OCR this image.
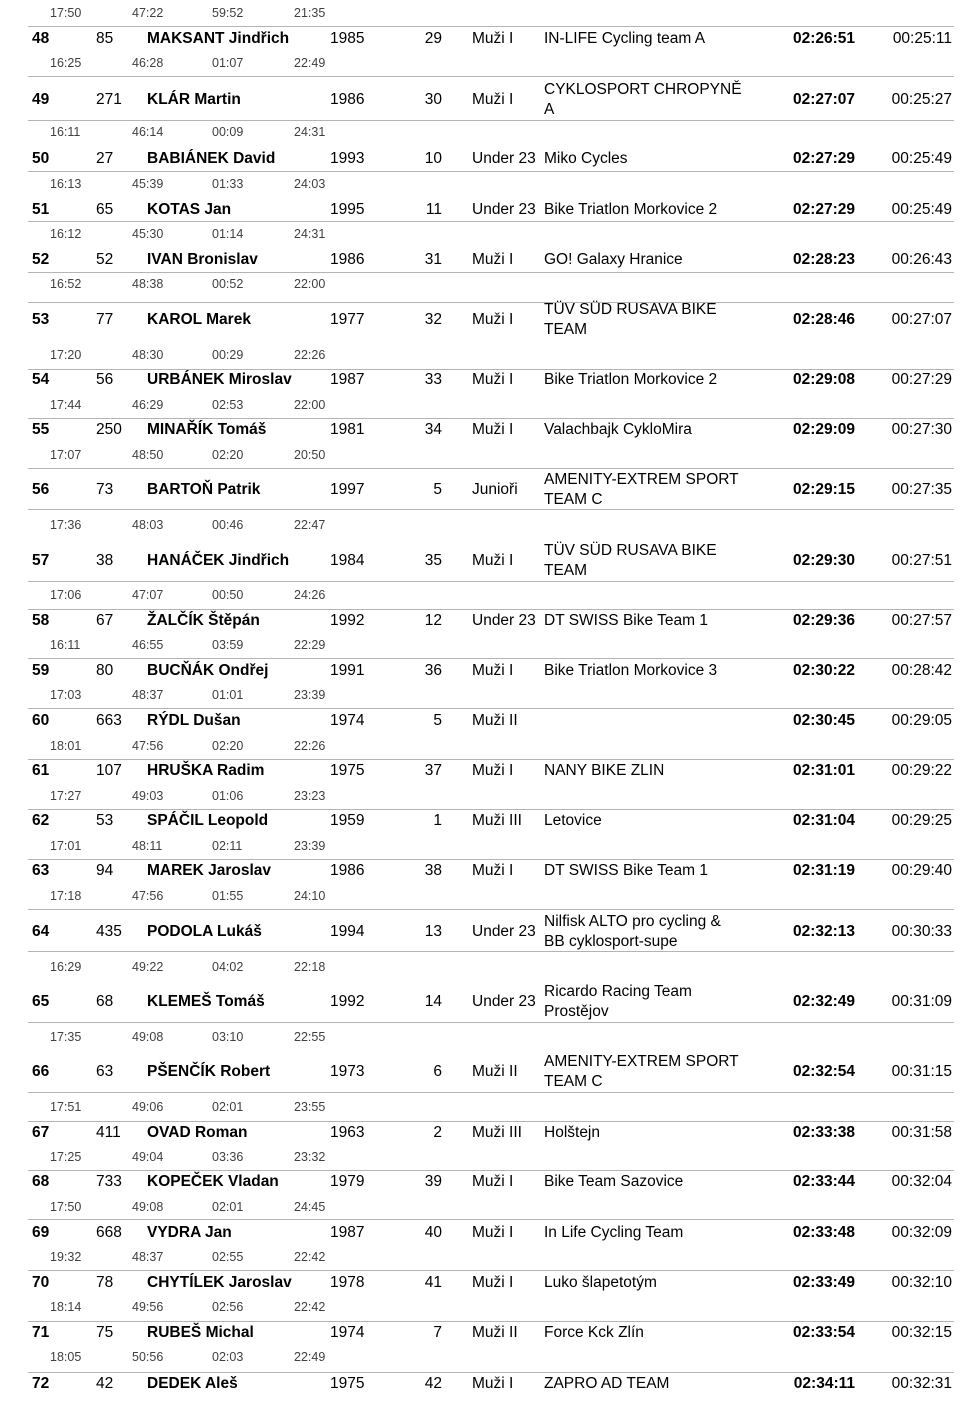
17:50	47:22	59:52	21:35
48	85 MAKSANT Jindřich	1985	29 Muži I	02:26:51	00:25:11
IN-LIFE Cycling team A
16:25	46:28	01:07	22:49
49	271 KLÁR Martin	1986	30 Muži I	02:27:07	00:25:27
CYKLOSPORT CHROPYNĚ A
16:11	46:14	00:09	24:31
50	27 BABIÁNEK David	1993	10 Under 23	02:27:29	00:25:49
Miko Cycles
16:13	45:39	01:33	24:03
51	65 KOTAS Jan	1995	11 Under 23	02:27:29	00:25:49
Bike Triatlon Morkovice 2
16:12	45:30	01:14	24:31
52	52 IVAN Bronislav	1986	31 Muži I	02:28:23	00:26:43
GO! Galaxy Hranice
16:52	48:38	00:52	22:00
53	77 KAROL Marek	1977	32 Muži I	02:28:46	00:27:07
TÜV SÜD RUSAVA BIKE TEAM
17:20	48:30	00:29	22:26
54	56 URBÁNEK Miroslav 1987	33 Muži I	02:29:08	00:27:29
Bike Triatlon Morkovice 2
17:44	46:29	02:53	22:00
55	250 MINAŘÍK Tomáš	1981	34 Muži I	02:29:09	00:27:30
Valachbajk CykloMira
17:07	48:50	02:20	20:50
56	73 BARTOŇ Patrik	1997	5 Junioři	02:29:15	00:27:35
AMENITY-EXTREM SPORT TEAM C
17:36	48:03	00:46	22:47
57	38 HANÁČEK Jindřich	1984	35 Muži I	02:29:30	00:27:51
TÜV SÜD RUSAVA BIKE TEAM
17:06	47:07	00:50	24:26
58	67 ŽALČÍK Štěpán	1992	12 Under 23	02:29:36	00:27:57
DT SWISS Bike Team 1
16:11	46:55	03:59	22:29
59	80 BUCŇÁK Ondřej	1991	36 Muži I	02:30:22	00:28:42
Bike Triatlon Morkovice 3
17:03	48:37	01:01	23:39
60	663 RÝDL Dušan	1974	5 Muži II	02:30:45	00:29:05
18:01	47:56	02:20	22:26
61	107 HRUŠKA Radim	1975	37 Muži I	02:31:01	00:29:22
NANY BIKE ZLIN
17:27	49:03	01:06	23:23
62	53 SPÁČIL Leopold	1959	1 Muži III	02:31:04	00:29:25
Letovice
17:01	48:11	02:11	23:39
63	94 MAREK Jaroslav	1986	38 Muži I	02:31:19	00:29:40
DT SWISS Bike Team 1
17:18	47:56	01:55	24:10
64	435 PODOLA Lukáš	1994	13 Under 23	02:32:13	00:30:33
Nilfisk ALTO pro cycling & BB cyklosport-supe
16:29	49:22	04:02	22:18
65	68 KLEMEŠ Tomáš	1992	14 Under 23	02:32:49	00:31:09
Ricardo Racing Team Prostějov
17:35	49:08	03:10	22:55
66	63 PŠENČÍK Robert	1973	6 Muži II	02:32:54	00:31:15
AMENITY-EXTREM SPORT TEAM C
17:51	49:06	02:01	23:55
67	411 OVAD Roman	1963	2 Muži III	02:33:38	00:31:58
Holštejn
17:25	49:04	03:36	23:32
68	733 KOPEČEK Vladan	1979	39 Muži I	02:33:44	00:32:04
Bike Team Sazovice
17:50	49:08	02:01	24:45
69	668 VYDRA Jan	1987	40 Muži I	02:33:48	00:32:09
In Life Cycling Team
19:32	48:37	02:55	22:42
70	78 CHYTÍLEK Jaroslav 1978	41 Muži I	02:33:49	00:32:10
Luko šlapetotým
18:14	49:56	02:56	22:42
71	75 RUBEŠ Michal	1974	7 Muži II	02:33:54	00:32:15
Force Kck Zlín
18:05	50:56	02:03	22:49
72	42 DEDEK Aleš	1975	42 Muži I	02:34:11	00:32:31
ZAPRO AD TEAM
